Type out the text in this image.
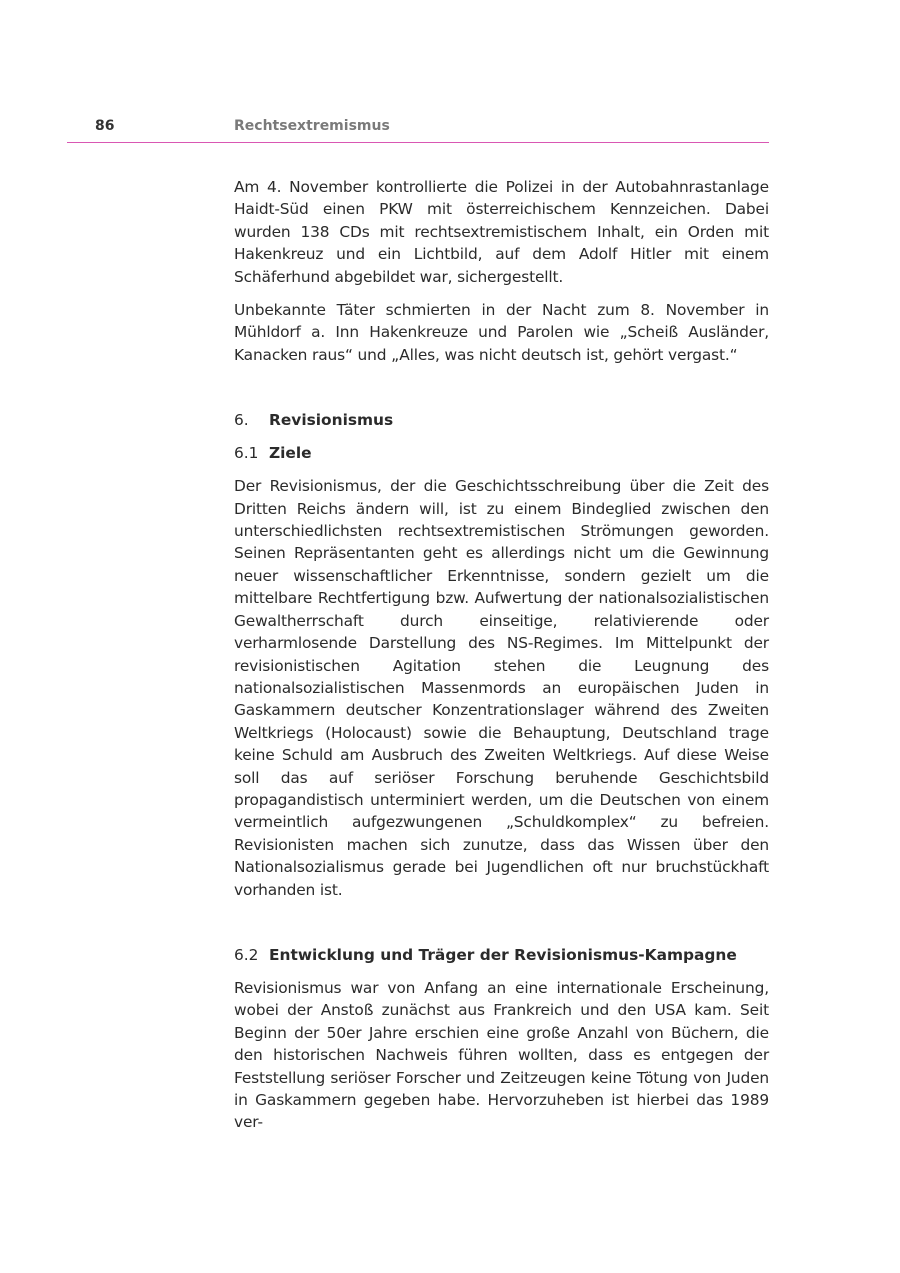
86	Rechtsextremismus

Am 4. November kontrollierte die Polizei in der Autobahnrastanlage Haidt-Süd einen PKW mit österreichischem Kennzeichen. Dabei wurden 138 CDs mit rechtsextremistischem Inhalt, ein Orden mit Hakenkreuz und ein Lichtbild, auf dem Adolf Hitler mit einem Schäferhund abgebildet war, sichergestellt.

Unbekannte Täter schmierten in der Nacht zum 8. November in Mühldorf a. Inn Hakenkreuze und Parolen wie „Scheiß Ausländer, Kanacken raus“ und „Alles, was nicht deutsch ist, gehört vergast.“

6. Revisionismus
6.1 Ziele

Der Revisionismus, der die Geschichtsschreibung über die Zeit des Dritten Reichs ändern will, ist zu einem Bindeglied zwischen den unterschiedlichsten rechtsextremistischen Strömungen geworden. Seinen Repräsentanten geht es allerdings nicht um die Gewinnung neuer wissenschaftlicher Erkenntnisse, sondern gezielt um die mittelbare Rechtfertigung bzw. Aufwertung der nationalsozialistischen Gewaltherrschaft durch einseitige, relativierende oder verharmlosende Darstellung des NS-Regimes. Im Mittelpunkt der revisionistischen Agitation stehen die Leugnung des nationalsozialistischen Massenmords an europäischen Juden in Gaskammern deutscher Konzentrationslager während des Zweiten Weltkriegs (Holocaust) sowie die Behauptung, Deutschland trage keine Schuld am Ausbruch des Zweiten Weltkriegs. Auf diese Weise soll das auf seriöser Forschung beruhende Geschichtsbild propagandistisch unterminiert werden, um die Deutschen von einem vermeintlich aufgezwungenen „Schuldkomplex“ zu befreien. Revisionisten machen sich zunutze, dass das Wissen über den Nationalsozialismus gerade bei Jugendlichen oft nur bruchstückhaft vorhanden ist.

6.2 Entwicklung und Träger der Revisionismus-Kampagne

Revisionismus war von Anfang an eine internationale Erscheinung, wobei der Anstoß zunächst aus Frankreich und den USA kam. Seit Beginn der 50er Jahre erschien eine große Anzahl von Büchern, die den historischen Nachweis führen wollten, dass es entgegen der Feststellung seriöser Forscher und Zeitzeugen keine Tötung von Juden in Gaskammern gegeben habe. Hervorzuheben ist hierbei das 1989 ver-
